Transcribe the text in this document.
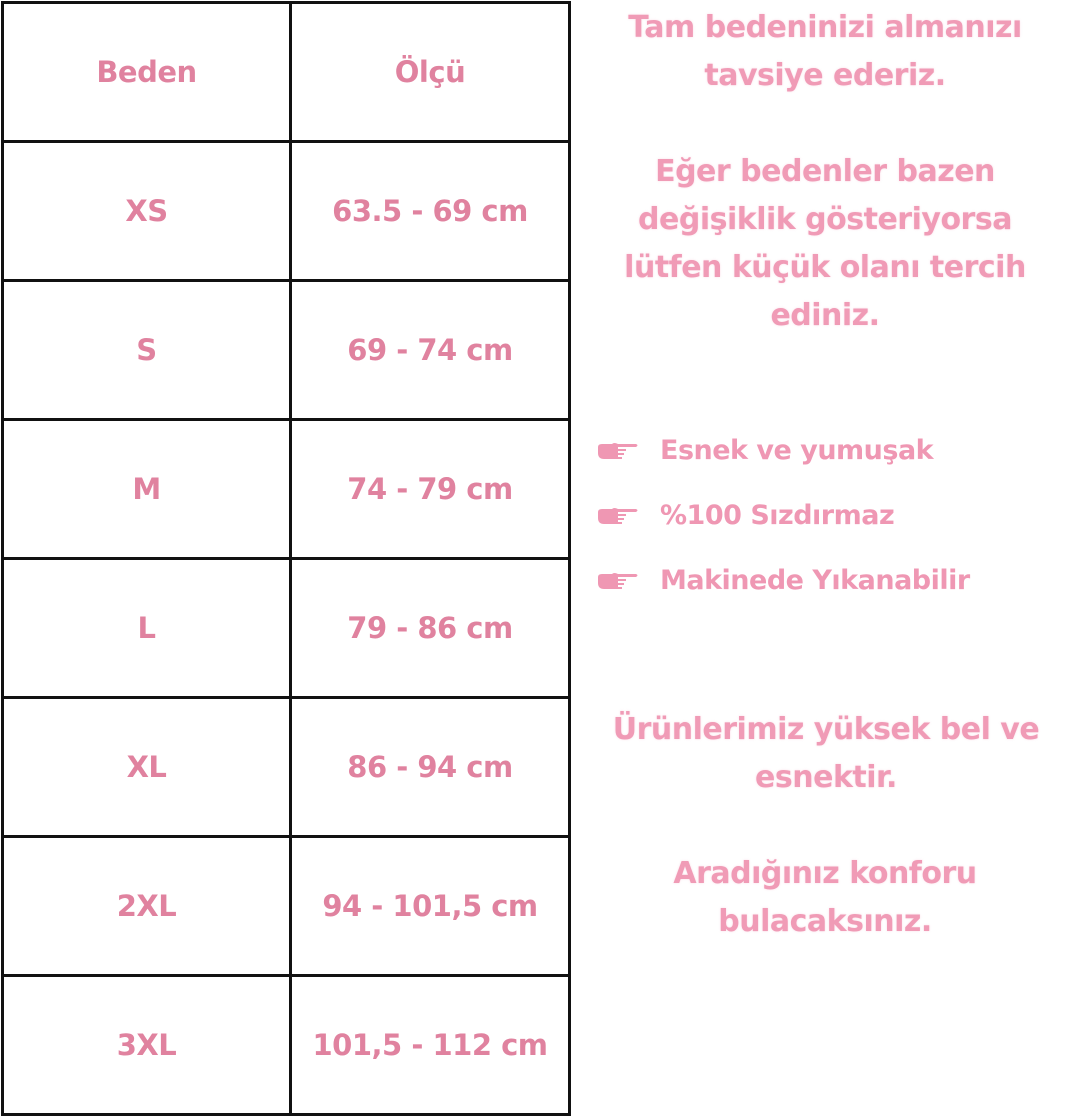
Beden	Ölçü
XS	63.5 - 69 cm
S	69 - 74 cm
M	74 - 79 cm
L	79 - 86 cm
XL	86 - 94 cm
2XL	94 - 101,5 cm
3XL	101,5 - 112 cm
Tam bedeninizi almanızı
tavsiye ederiz.
Eğer bedenler bazen
değişiklik gösteriyorsa
lütfen küçük olanı tercih
ediniz.
Esnek ve yumuşak
%100 Sızdırmaz
Makinede Yıkanabilir
Ürünlerimiz yüksek bel ve
esnektir.
Aradığınız konforu
bulacaksınız.
